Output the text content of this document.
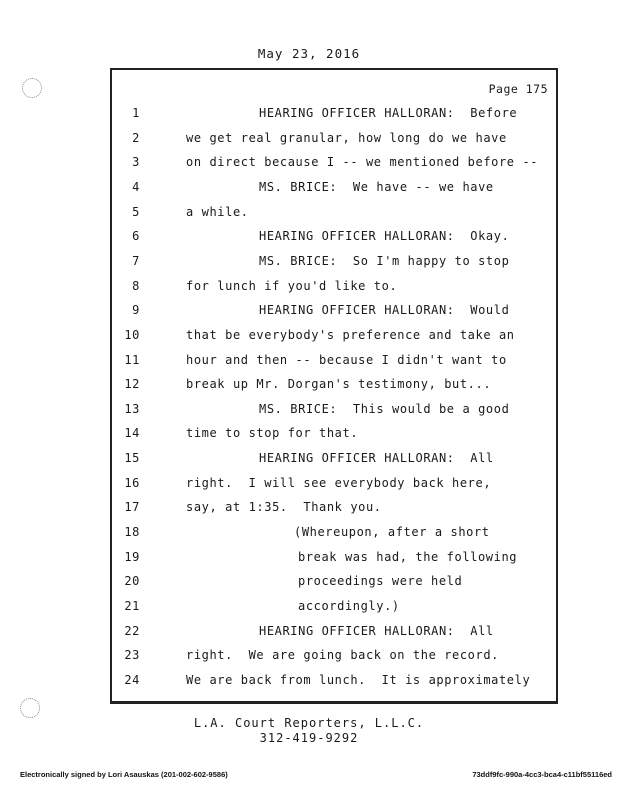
May 23, 2016
Page 175
1	HEARING OFFICER HALLORAN:  Before
2	we get real granular, how long do we have
3	on direct because I -- we mentioned before --
4	MS. BRICE:  We have -- we have
5	a while.
6	HEARING OFFICER HALLORAN:  Okay.
7	MS. BRICE:  So I'm happy to stop
8	for lunch if you'd like to.
9	HEARING OFFICER HALLORAN:  Would
10	that be everybody's preference and take an
11	hour and then -- because I didn't want to
12	break up Mr. Dorgan's testimony, but...
13	MS. BRICE:  This would be a good
14	time to stop for that.
15	HEARING OFFICER HALLORAN:  All
16	right.  I will see everybody back here,
17	say, at 1:35.  Thank you.
18	(Whereupon, after a short
19	break was had, the following
20	proceedings were held
21	accordingly.)
22	HEARING OFFICER HALLORAN:  All
23	right.  We are going back on the record.
24	We are back from lunch.  It is approximately
L.A. Court Reporters, L.L.C.
312-419-9292
Electronically signed by Lori Asauskas (201-002-602-9586)	73ddf9fc-990a-4cc3-bca4-c11bf55116ed
